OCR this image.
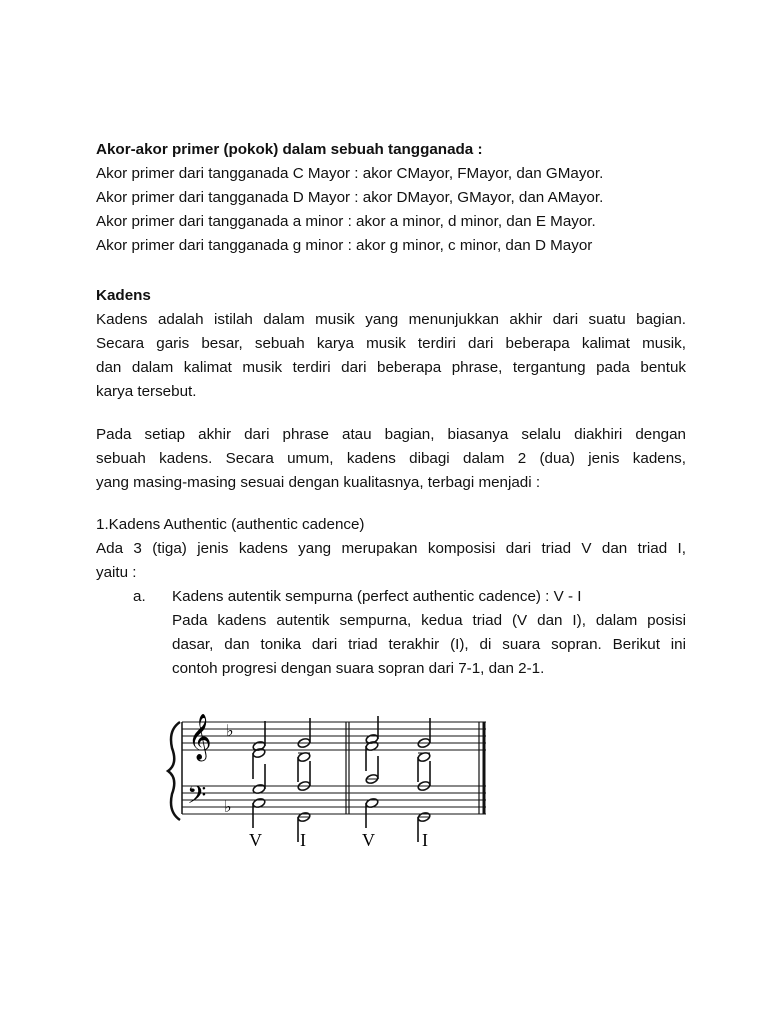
Akor-akor primer (pokok) dalam sebuah tangganada :
Akor primer dari tangganada C Mayor : akor CMayor, FMayor, dan GMayor.
Akor primer dari tangganada D Mayor : akor DMayor, GMayor, dan AMayor.
Akor primer dari tangganada a minor : akor a minor, d minor, dan E Mayor.
Akor primer dari tangganada g minor : akor g minor, c minor, dan D Mayor
Kadens
Kadens adalah istilah dalam musik yang menunjukkan akhir dari suatu bagian.
Secara garis besar, sebuah karya musik terdiri dari beberapa kalimat musik,
dan dalam kalimat musik terdiri dari beberapa phrase, tergantung pada bentuk
karya tersebut.
Pada setiap akhir dari phrase atau bagian, biasanya selalu diakhiri dengan
sebuah kadens. Secara umum, kadens dibagi dalam 2 (dua) jenis kadens,
yang masing-masing sesuai dengan kualitasnya, terbagi menjadi :
1.Kadens Authentic (authentic cadence)
Ada 3 (tiga) jenis kadens yang merupakan komposisi dari triad V dan triad I,
yaitu :
a. Kadens autentik sempurna (perfect authentic cadence) : V - I
Pada kadens autentik sempurna, kedua triad (V dan I), dalam posisi
dasar, dan tonika dari triad terakhir (I), di suara sopran. Berikut ini
contoh progresi dengan suara sopran dari 7-1, dan 2-1.
𝄞 ♭
𝄢 ♭
V I	V	I
